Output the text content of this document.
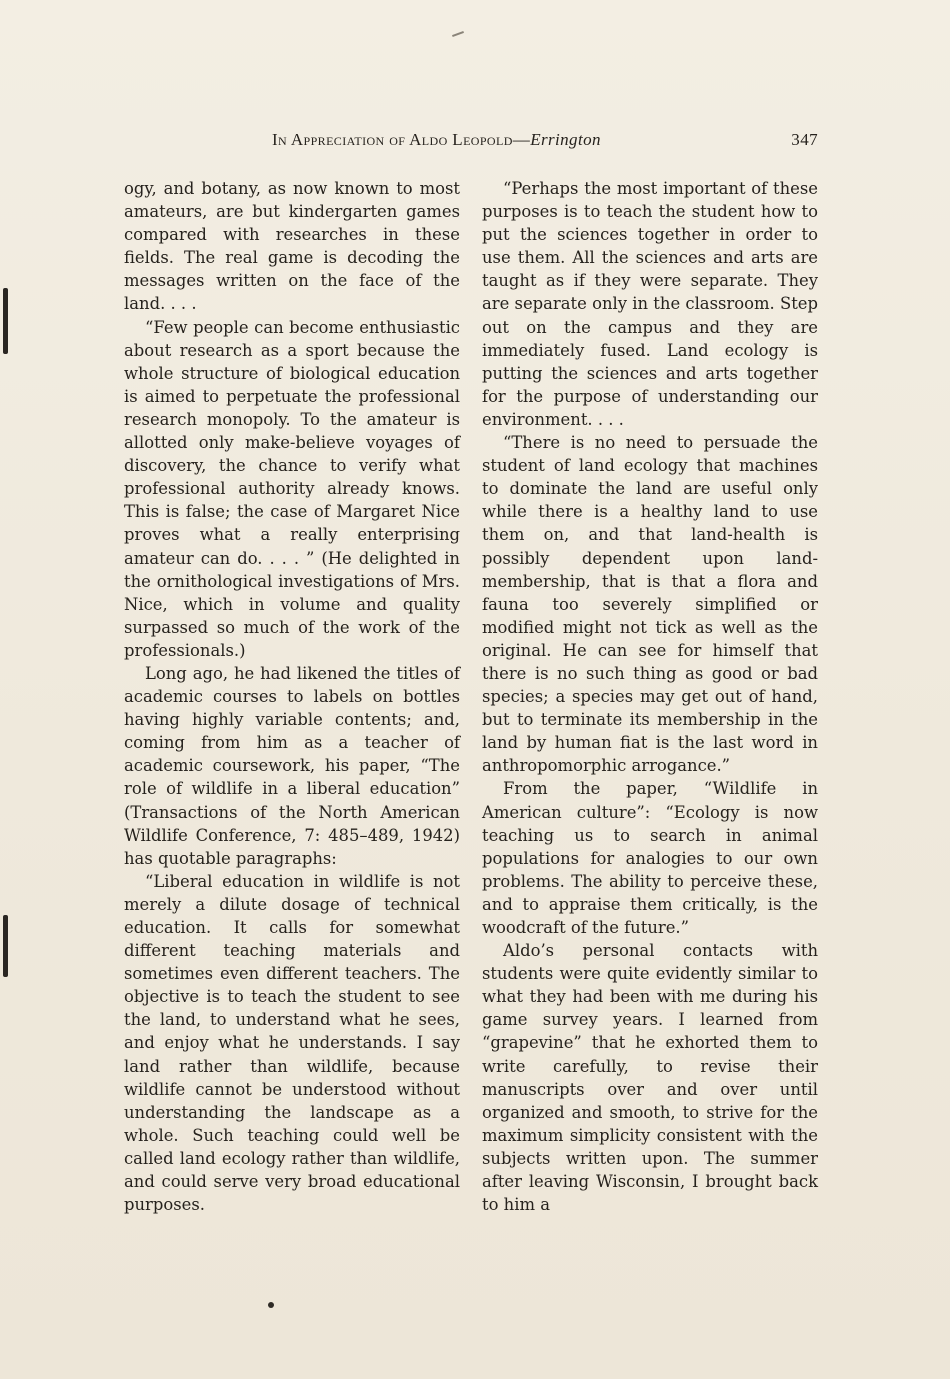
In Appreciation of Aldo Leopold—Errington	347

ogy, and botany, as now known to most amateurs, are but kindergarten games compared with researches in these fields. The real game is decoding the messages written on the face of the land. . . .

“Few people can become enthusiastic about research as a sport because the whole structure of biological education is aimed to perpetuate the professional research monopoly. To the amateur is allotted only make-believe voyages of discovery, the chance to verify what professional authority already knows. This is false; the case of Margaret Nice proves what a really enterprising amateur can do. . . . ” (He delighted in the ornithological investigations of Mrs. Nice, which in volume and quality surpassed so much of the work of the professionals.)

Long ago, he had likened the titles of academic courses to labels on bottles having highly variable contents; and, coming from him as a teacher of academic coursework, his paper, “The role of wildlife in a liberal education” (Transactions of the North American Wildlife Conference, 7: 485–489, 1942) has quotable paragraphs:

“Liberal education in wildlife is not merely a dilute dosage of technical education. It calls for somewhat different teaching materials and sometimes even different teachers. The objective is to teach the student to see the land, to understand what he sees, and enjoy what he understands. I say land rather than wildlife, because wildlife cannot be understood without understanding the landscape as a whole. Such teaching could well be called land ecology rather than wildlife, and could serve very broad educational purposes.

“Perhaps the most important of these purposes is to teach the student how to put the sciences together in order to use them. All the sciences and arts are taught as if they were separate. They are separate only in the classroom. Step out on the campus and they are immediately fused. Land ecology is putting the sciences and arts together for the purpose of understanding our environment. . . .

“There is no need to persuade the student of land ecology that machines to dominate the land are useful only while there is a healthy land to use them on, and that land-health is possibly dependent upon land-membership, that is that a flora and fauna too severely simplified or modified might not tick as well as the original. He can see for himself that there is no such thing as good or bad species; a species may get out of hand, but to terminate its membership in the land by human fiat is the last word in anthropomorphic arrogance.”

From the paper, “Wildlife in American culture”: “Ecology is now teaching us to search in animal populations for analogies to our own problems. The ability to perceive these, and to appraise them critically, is the woodcraft of the future.”

Aldo’s personal contacts with students were quite evidently similar to what they had been with me during his game survey years. I learned from “grapevine” that he exhorted them to write carefully, to revise their manuscripts over and over until organized and smooth, to strive for the maximum simplicity consistent with the subjects written upon. The summer after leaving Wisconsin, I brought back to him a
